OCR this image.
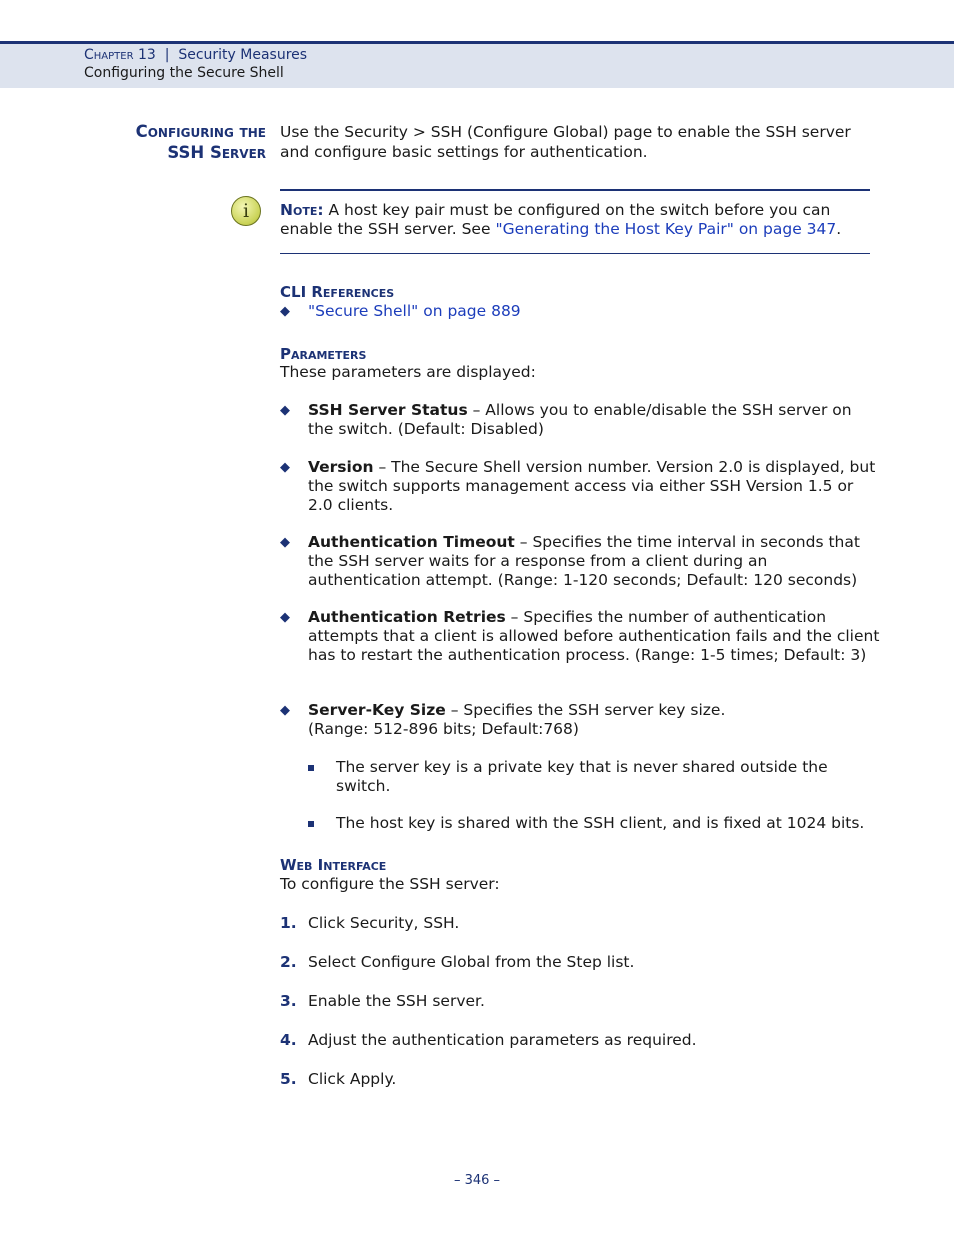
Chapter 13 | Security Measures
Configuring the Secure Shell
Configuring the
SSH Server
Use the Security > SSH (Configure Global) page to enable the SSH server and configure basic settings for authentication.
i Note: A host key pair must be configured on the switch before you can enable the SSH server. See "Generating the Host Key Pair" on page 347.
CLI References
◆ "Secure Shell" on page 889
Parameters
These parameters are displayed:
◆ SSH Server Status – Allows you to enable/disable the SSH server on the switch. (Default: Disabled)
◆ Version – The Secure Shell version number. Version 2.0 is displayed, but the switch supports management access via either SSH Version 1.5 or 2.0 clients.
◆ Authentication Timeout – Specifies the time interval in seconds that the SSH server waits for a response from a client during an authentication attempt. (Range: 1-120 seconds; Default: 120 seconds)
◆ Authentication Retries – Specifies the number of authentication attempts that a client is allowed before authentication fails and the client has to restart the authentication process. (Range: 1-5 times; Default: 3)
◆ Server-Key Size – Specifies the SSH server key size.
(Range: 512-896 bits; Default:768)
The server key is a private key that is never shared outside the switch.
The host key is shared with the SSH client, and is fixed at 1024 bits.
Web Interface
To configure the SSH server:
1. Click Security, SSH.
2. Select Configure Global from the Step list.
3. Enable the SSH server.
4. Adjust the authentication parameters as required.
5. Click Apply.
– 346 –
